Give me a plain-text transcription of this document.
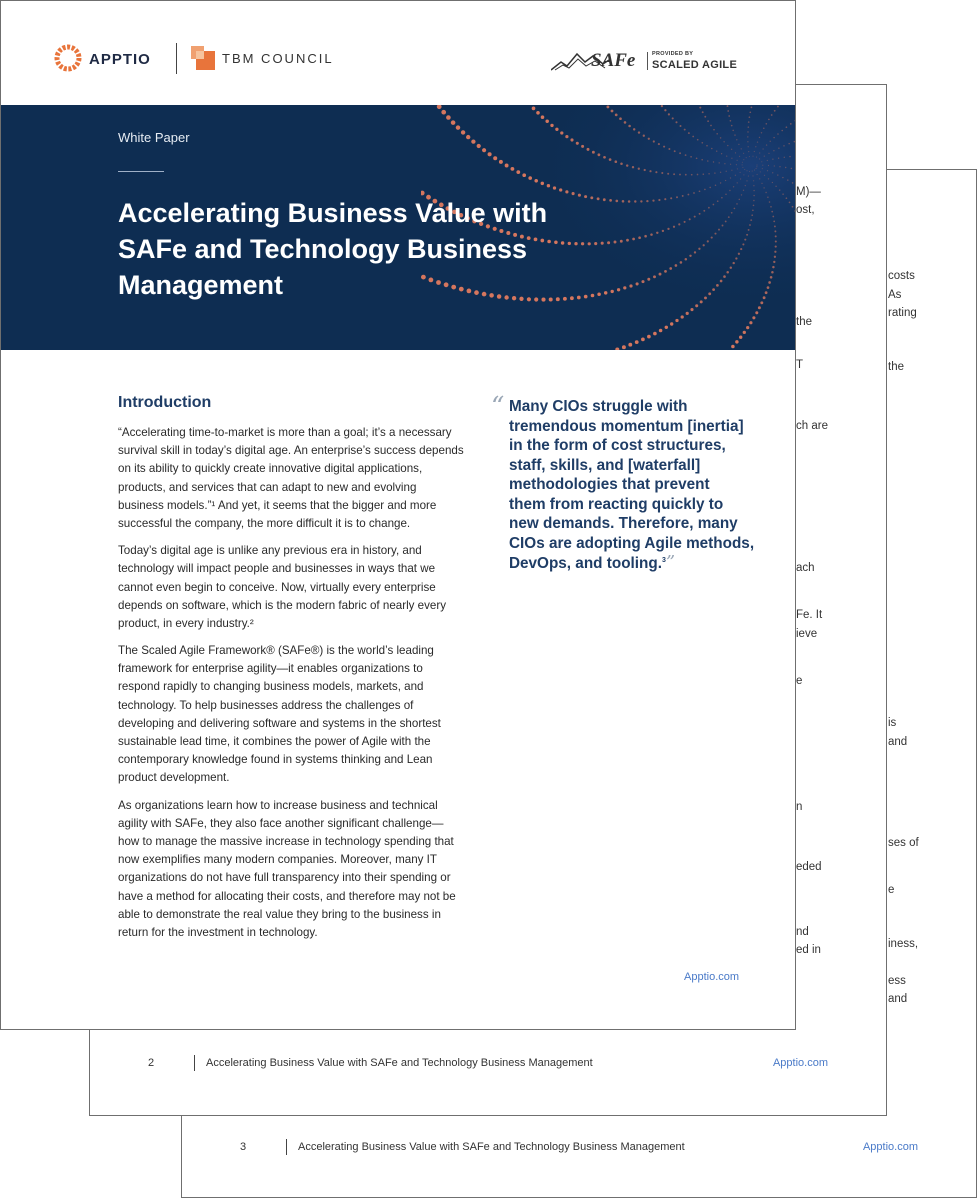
costs
As
rating
the
is
and
ses of
e
iness,
ess
and
3	Accelerating Business Value with SAFe and Technology Business Management	Apptio.com
M)—
ost,
the
T
ch are
ach
Fe. It
ieve
e
n
eded
nd
ed in
2	Accelerating Business Value with SAFe and Technology Business Management	Apptio.com
APPTIO	TBM COUNCIL	SAFe	PROVIDED BY
SCALED AGILE
White Paper
Accelerating Business Value with
SAFe and Technology Business
Management
Introduction
“Accelerating time-to-market is more than a goal; it’s a necessary
survival skill in today’s digital age. An enterprise’s success depends
on its ability to quickly create innovative digital applications,
products, and services that can adapt to new and evolving
business models.”¹ And yet, it seems that the bigger and more
successful the company, the more difficult it is to change.
Today’s digital age is unlike any previous era in history, and
technology will impact people and businesses in ways that we
cannot even begin to conceive. Now, virtually every enterprise
depends on software, which is the modern fabric of nearly every
product, in every industry.²
The Scaled Agile Framework® (SAFe®) is the world’s leading
framework for enterprise agility—it enables organizations to
respond rapidly to changing business models, markets, and
technology. To help businesses address the challenges of
developing and delivering software and systems in the shortest
sustainable lead time, it combines the power of Agile with the
contemporary knowledge found in systems thinking and Lean
product development.
As organizations learn how to increase business and technical
agility with SAFe, they also face another significant challenge—
how to manage the massive increase in technology spending that
now exemplifies many modern companies. Moreover, many IT
organizations do not have full transparency into their spending or
have a method for allocating their costs, and therefore may not be
able to demonstrate the real value they bring to the business in
return for the investment in technology.
“ Many CIOs struggle with
tremendous momentum [inertia]
in the form of cost structures,
staff, skills, and [waterfall]
methodologies that prevent
them from reacting quickly to
new demands. Therefore, many
CIOs are adopting Agile methods,
DevOps, and tooling.$^3$”
Apptio.com
